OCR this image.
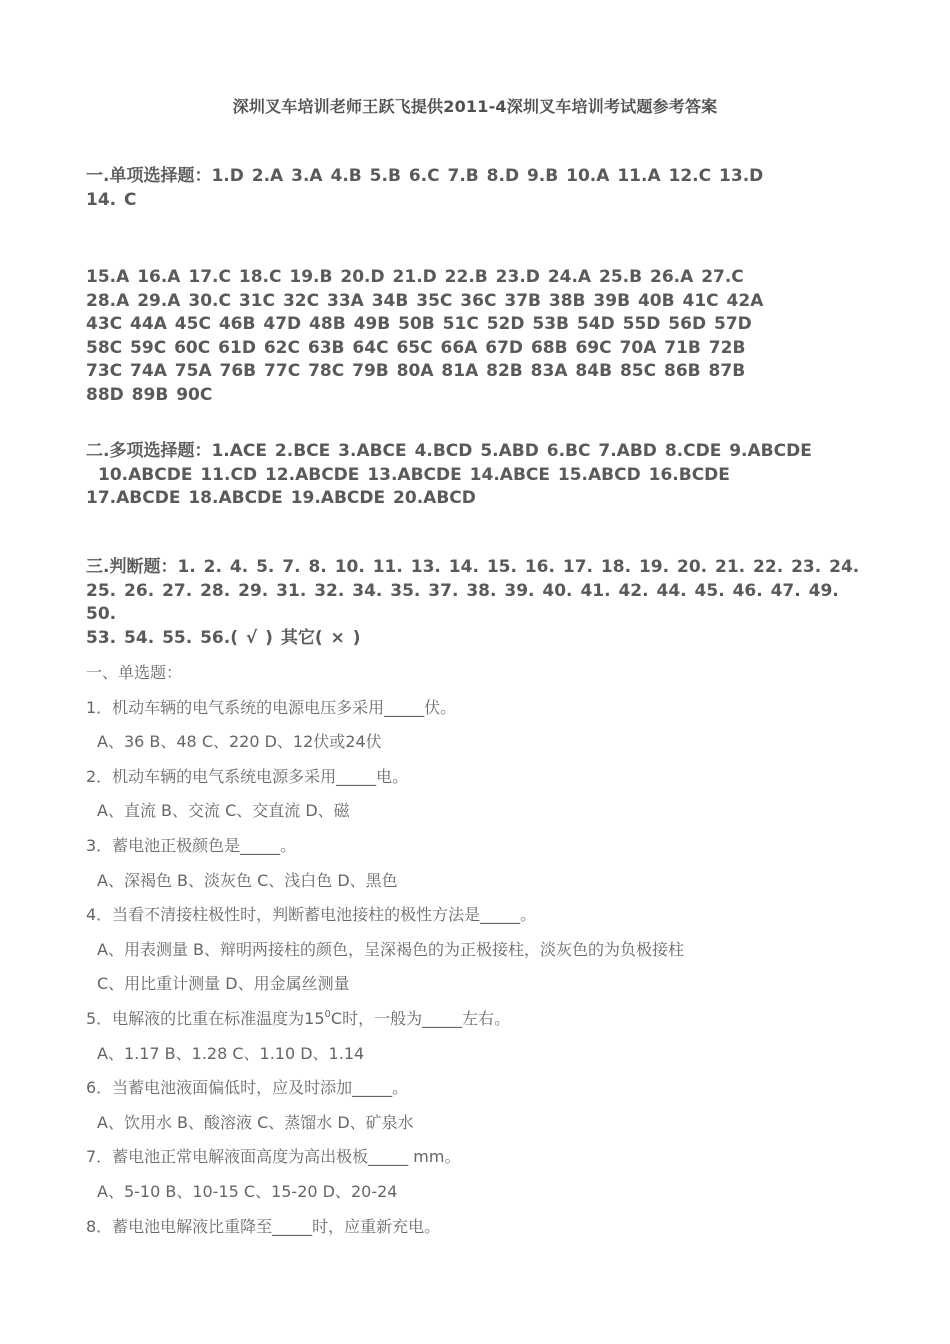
深圳叉车培训老师王跃飞提供2011-4深圳叉车培训考试题参考答案
一.单项选择题：1.D 2.A 3.A 4.B 5.B 6.C 7.B 8.D 9.B 10.A 11.A 12.C 13.D
14. C
15.A 16.A 17.C 18.C 19.B 20.D 21.D 22.B 23.D 24.A 25.B 26.A 27.C
28.A 29.A 30.C 31C 32C 33A 34B 35C 36C 37B 38B 39B 40B 41C 42A
43C 44A 45C 46B 47D 48B 49B 50B 51C 52D 53B 54D 55D 56D 57D
58C 59C 60C 61D 62C 63B 64C 65C 66A 67D 68B 69C 70A 71B 72B
73C 74A 75A 76B 77C 78C 79B 80A 81A 82B 83A 84B 85C 86B 87B
88D 89B 90C
二.多项选择题：1.ACE 2.BCE 3.ABCE 4.BCD 5.ABD 6.BC 7.ABD 8.CDE 9.ABCDE
10.ABCDE 11.CD 12.ABCDE 13.ABCDE 14.ABCE 15.ABCD 16.BCDE
17.ABCDE 18.ABCDE 19.ABCDE 20.ABCD
三.判断题：1. 2. 4. 5. 7. 8. 10. 11. 13. 14. 15. 16. 17. 18. 19. 20. 21. 22. 23. 24.
25. 26. 27. 28. 29. 31. 32. 34. 35. 37. 38. 39. 40. 41. 42. 44. 45. 46. 47. 49. 50.
53. 54. 55. 56.( √ ) 其它( × )
一、单选题：
1．机动车辆的电气系统的电源电压多采用_____伏。
A、36 B、48 C、220 D、12伏或24伏
2．机动车辆的电气系统电源多采用_____电。
A、直流 B、交流 C、交直流 D、磁
3．蓄电池正极颜色是_____。
A、深褐色 B、淡灰色 C、浅白色 D、黑色
4．当看不清接柱极性时，判断蓄电池接柱的极性方法是_____。
A、用表测量 B、辩明两接柱的颜色，呈深褐色的为正极接柱，淡灰色的为负极接柱
C、用比重计测量 D、用金属丝测量
5．电解液的比重在标准温度为$15^0C$时，一般为_____左右。
A、1.17 B、1.28 C、1.10 D、1.14
6．当蓄电池液面偏低时，应及时添加_____。
A、饮用水 B、酸溶液 C、蒸馏水 D、矿泉水
7．蓄电池正常电解液面高度为高出极板_____ mm。
A、5-10 B、10-15 C、15-20 D、20-24
8．蓄电池电解液比重降至_____时，应重新充电。
